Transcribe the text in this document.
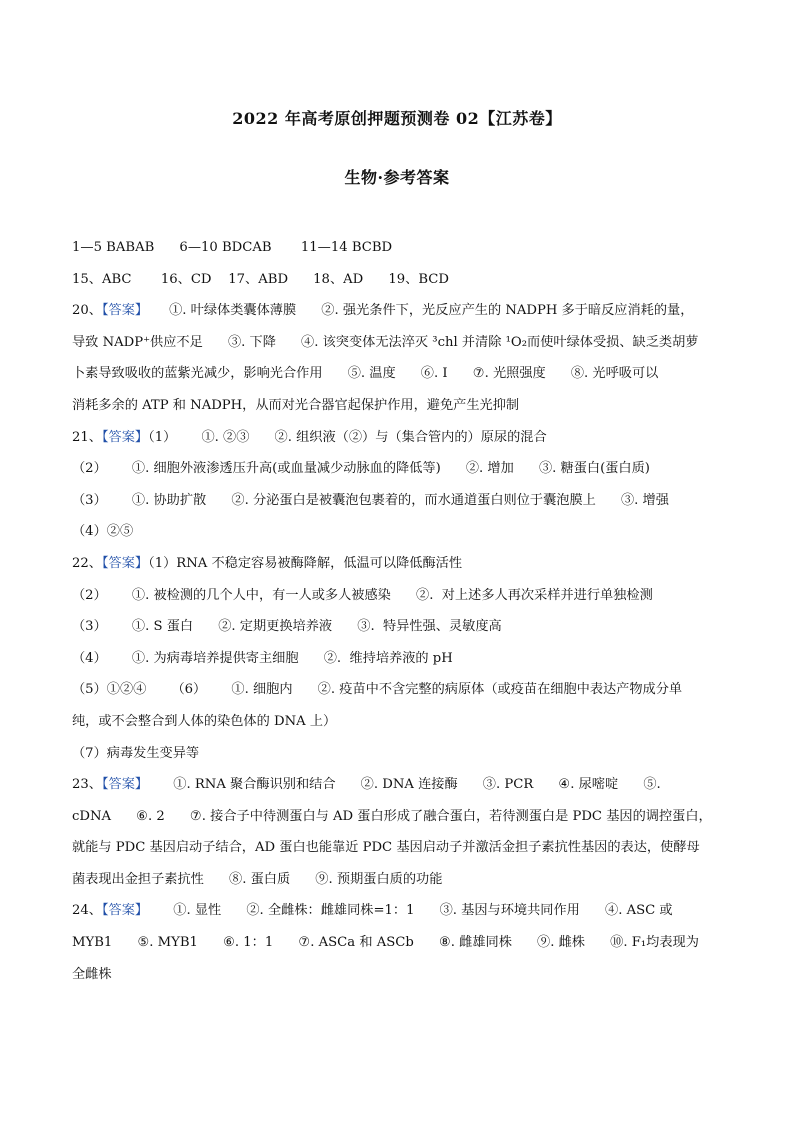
2022 年高考原创押题预测卷 02【江苏卷】
生物·参考答案
1—5 BABAB      6—10 BDCAB       11—14 BCBD
15、ABC       16、CD    17、ABD      18、AD      19、BCD
20、【答案】     ①. 叶绿体类囊体薄膜      ②. 强光条件下，光反应产生的 NADPH 多于暗反应消耗的量，
导致 NADP⁺供应不足      ③. 下降      ④. 该突变体无法淬灭 ³chl 并清除 ¹O₂而使叶绿体受损、缺乏类胡萝
卜素导致吸收的蓝紫光减少，影响光合作用      ⑤. 温度      ⑥. I      ⑦. 光照强度      ⑧. 光呼吸可以
消耗多余的 ATP 和 NADPH，从而对光合器官起保护作用，避免产生光抑制
21、【答案】（1）      ①. ②③      ②. 组织液（②）与（集合管内的）原尿的混合
（2）      ①. 细胞外液渗透压升高(或血量减少动脉血的降低等)      ②. 增加      ③. 糖蛋白(蛋白质)
（3）      ①. 协助扩散      ②. 分泌蛋白是被囊泡包裹着的，而水通道蛋白则位于囊泡膜上      ③. 增强
（4）②⑤
22、【答案】（1）RNA 不稳定容易被酶降解，低温可以降低酶活性
（2）      ①. 被检测的几个人中，有一人或多人被感染      ②.  对上述多人再次采样并进行单独检测
（3）      ①. S 蛋白      ②. 定期更换培养液      ③.  特异性强、灵敏度高
（4）      ①. 为病毒培养提供寄主细胞      ②.  维持培养液的 pH
（5）①②④      （6）      ①. 细胞内      ②. 疫苗中不含完整的病原体（或疫苗在细胞中表达产物成分单
纯，或不会整合到人体的染色体的 DNA 上）
（7）病毒发生变异等
23、【答案】      ①. RNA 聚合酶识别和结合      ②. DNA 连接酶      ③. PCR      ④. 尿嘧啶      ⑤.
cDNA      ⑥. 2      ⑦. 接合子中待测蛋白与 AD 蛋白形成了融合蛋白，若待测蛋白是 PDC 基因的调控蛋白，
就能与 PDC 基因启动子结合，AD 蛋白也能靠近 PDC 基因启动子并激活金担子素抗性基因的表达，使酵母
菌表现出金担子素抗性      ⑧. 蛋白质      ⑨. 预期蛋白质的功能
24、【答案】      ①. 显性      ②. 全雌株：雌雄同株=1：1      ③. 基因与环境共同作用      ④. ASC 或
MYB1      ⑤. MYB1      ⑥. 1：1      ⑦. ASCa 和 ASCb      ⑧. 雌雄同株      ⑨. 雌株      ⑩. F₁均表现为
全雌株
